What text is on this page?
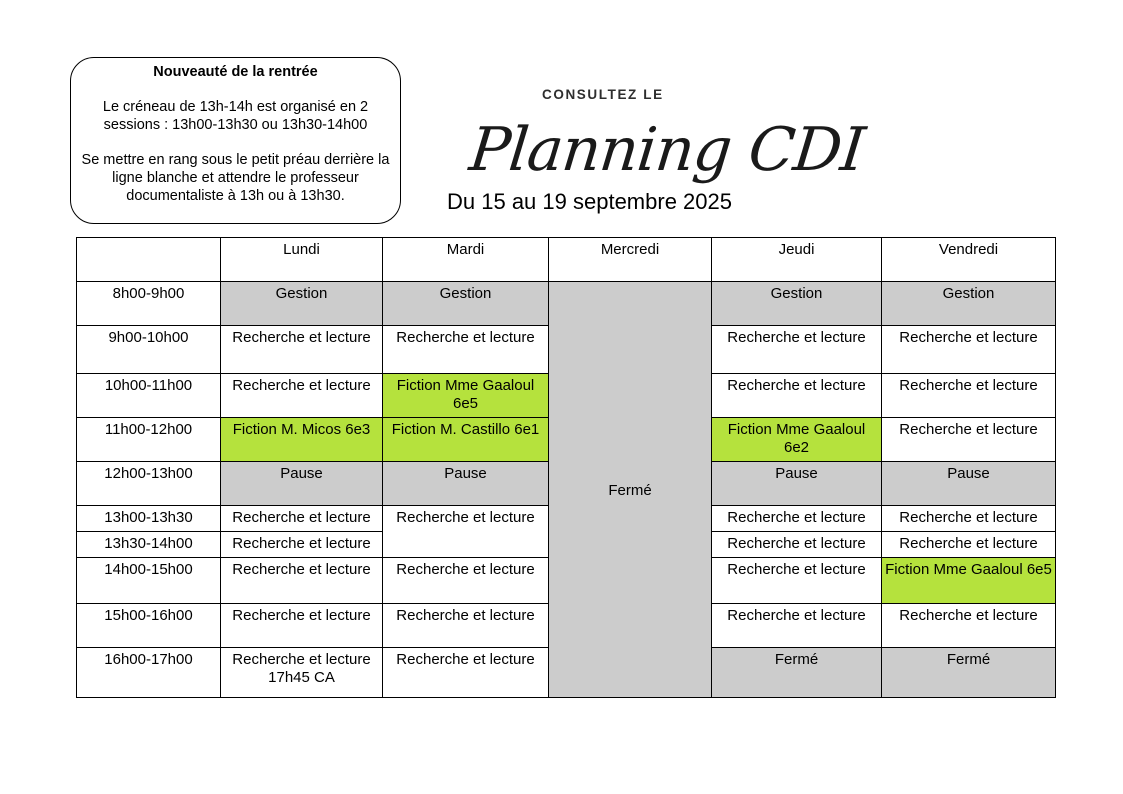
Nouveauté de la rentrée
Le créneau de 13h-14h est organisé en 2 sessions : 13h00-13h30 ou 13h30-14h00
Se mettre en rang sous le petit préau derrière la ligne blanche et attendre le professeur documentaliste à 13h ou à 13h30.
CONSULTEZ LE
Planning CDI
Du 15 au 19 septembre 2025
	Lundi	Mardi	Mercredi	Jeudi	Vendredi
8h00-9h00	Gestion	Gestion	Fermé	Gestion	Gestion
9h00-10h00	Recherche et lecture	Recherche et lecture		Recherche et lecture	Recherche et lecture
10h00-11h00	Recherche et lecture	Fiction Mme Gaaloul 6e5		Recherche et lecture	Recherche et lecture
11h00-12h00	Fiction M. Micos 6e3	Fiction M. Castillo 6e1		Fiction Mme Gaaloul 6e2	Recherche et lecture
12h00-13h00	Pause	Pause		Pause	Pause
13h00-13h30	Recherche et lecture	Recherche et lecture		Recherche et lecture	Recherche et lecture
13h30-14h00	Recherche et lecture			Recherche et lecture	Recherche et lecture
14h00-15h00	Recherche et lecture	Recherche et lecture		Recherche et lecture	Fiction Mme Gaaloul 6e5
15h00-16h00	Recherche et lecture	Recherche et lecture		Recherche et lecture	Recherche et lecture
16h00-17h00	Recherche et lecture 17h45 CA	Recherche et lecture		Fermé	Fermé
